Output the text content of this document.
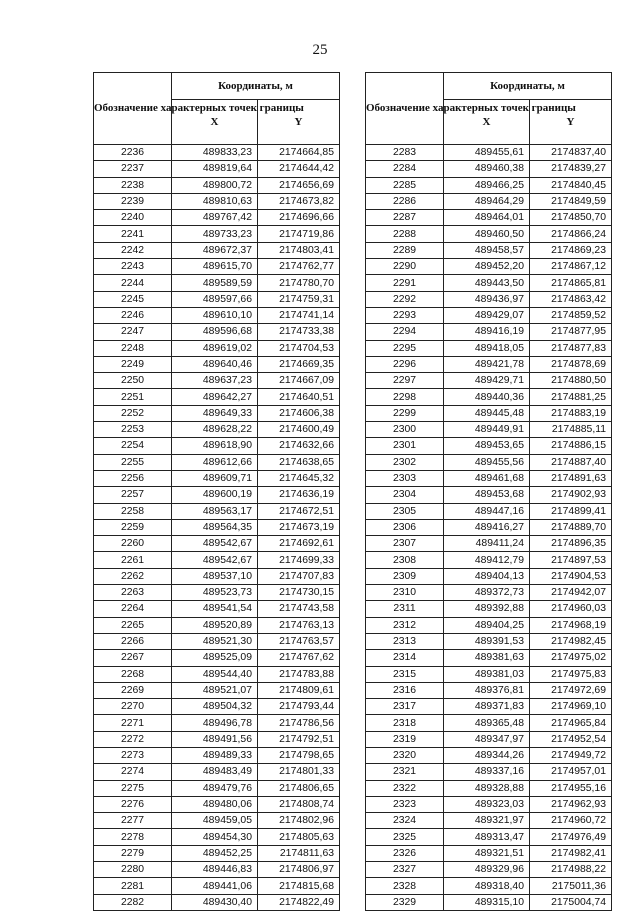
25
Обозначение характерных точек границы	Координаты, м	
	X	Y
2236	489833,23	2174664,85
2237	489819,64	2174644,42
2238	489800,72	2174656,69
2239	489810,63	2174673,82
2240	489767,42	2174696,66
2241	489733,23	2174719,86
2242	489672,37	2174803,41
2243	489615,70	2174762,77
2244	489589,59	2174780,70
2245	489597,66	2174759,31
2246	489610,10	2174741,14
2247	489596,68	2174733,38
2248	489619,02	2174704,53
2249	489640,46	2174669,35
2250	489637,23	2174667,09
2251	489642,27	2174640,51
2252	489649,33	2174606,38
2253	489628,22	2174600,49
2254	489618,90	2174632,66
2255	489612,66	2174638,65
2256	489609,71	2174645,32
2257	489600,19	2174636,19
2258	489563,17	2174672,51
2259	489564,35	2174673,19
2260	489542,67	2174692,61
2261	489542,67	2174699,33
2262	489537,10	2174707,83
2263	489523,73	2174730,15
2264	489541,54	2174743,58
2265	489520,89	2174763,13
2266	489521,30	2174763,57
2267	489525,09	2174767,62
2268	489544,40	2174783,88
2269	489521,07	2174809,61
2270	489504,32	2174793,44
2271	489496,78	2174786,56
2272	489491,56	2174792,51
2273	489489,33	2174798,65
2274	489483,49	2174801,33
2275	489479,76	2174806,65
2276	489480,06	2174808,74
2277	489459,05	2174802,96
2278	489454,30	2174805,63
2279	489452,25	2174811,63
2280	489446,83	2174806,97
2281	489441,06	2174815,68
2282	489430,40	2174822,49
Обозначение характерных точек границы	Координаты, м	
	X	Y
2283	489455,61	2174837,40
2284	489460,38	2174839,27
2285	489466,25	2174840,45
2286	489464,29	2174849,59
2287	489464,01	2174850,70
2288	489460,50	2174866,24
2289	489458,57	2174869,23
2290	489452,20	2174867,12
2291	489443,50	2174865,81
2292	489436,97	2174863,42
2293	489429,07	2174859,52
2294	489416,19	2174877,95
2295	489418,05	2174877,83
2296	489421,78	2174878,69
2297	489429,71	2174880,50
2298	489440,36	2174881,25
2299	489445,48	2174883,19
2300	489449,91	2174885,11
2301	489453,65	2174886,15
2302	489455,56	2174887,40
2303	489461,68	2174891,63
2304	489453,68	2174902,93
2305	489447,16	2174899,41
2306	489416,27	2174889,70
2307	489411,24	2174896,35
2308	489412,79	2174897,53
2309	489404,13	2174904,53
2310	489372,73	2174942,07
2311	489392,88	2174960,03
2312	489404,25	2174968,19
2313	489391,53	2174982,45
2314	489381,63	2174975,02
2315	489381,03	2174975,83
2316	489376,81	2174972,69
2317	489371,83	2174969,10
2318	489365,48	2174965,84
2319	489347,97	2174952,54
2320	489344,26	2174949,72
2321	489337,16	2174957,01
2322	489328,88	2174955,16
2323	489323,03	2174962,93
2324	489321,97	2174960,72
2325	489313,47	2174976,49
2326	489321,51	2174982,41
2327	489329,96	2174988,22
2328	489318,40	2175011,36
2329	489315,10	2175004,74
